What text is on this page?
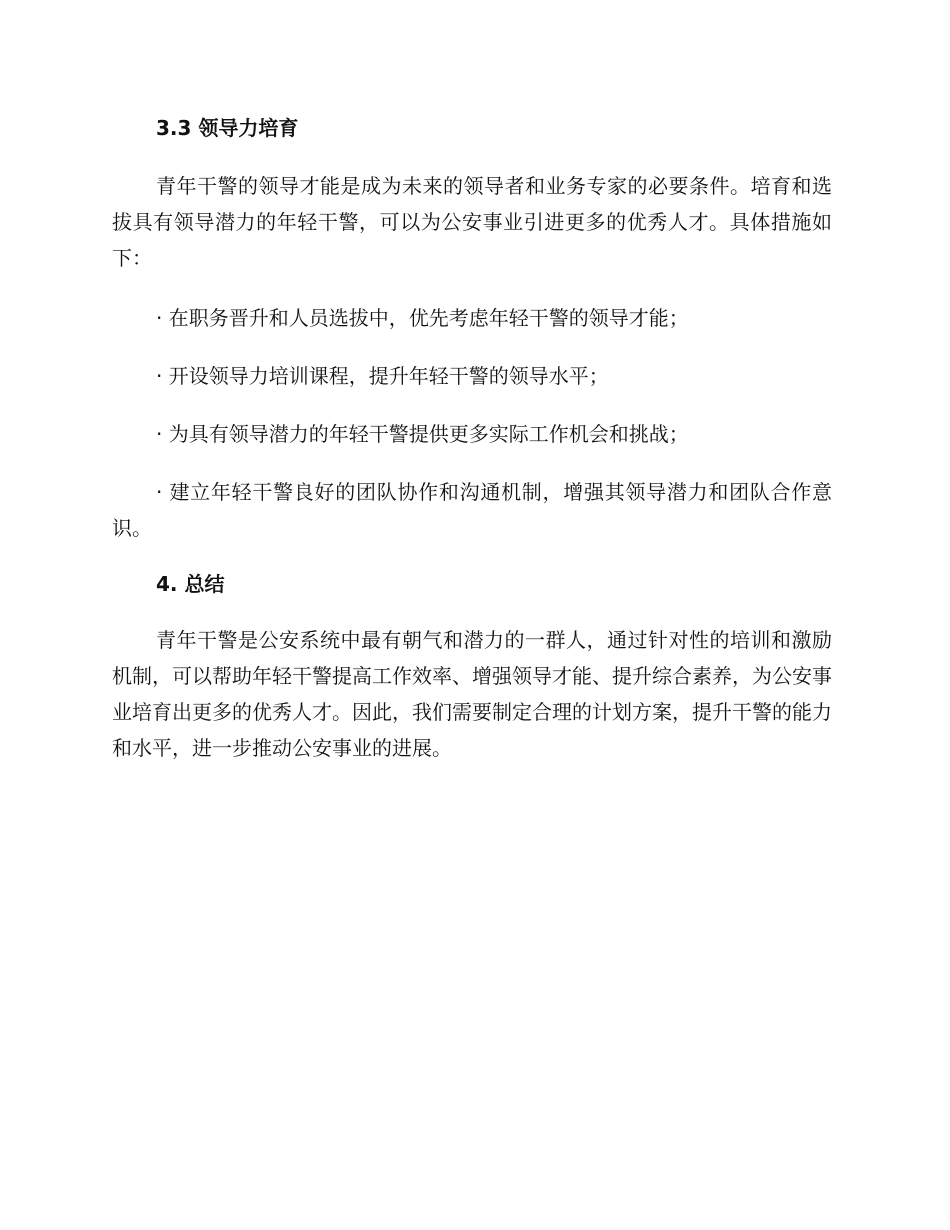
3.3 领导力培育

青年干警的领导才能是成为未来的领导者和业务专家的必要条件。培育和选拔具有领导潜力的年轻干警，可以为公安事业引进更多的优秀人才。具体措施如下：

· 在职务晋升和人员选拔中，优先考虑年轻干警的领导才能；

· 开设领导力培训课程，提升年轻干警的领导水平；

· 为具有领导潜力的年轻干警提供更多实际工作机会和挑战；

· 建立年轻干警良好的团队协作和沟通机制，增强其领导潜力和团队合作意识。

4. 总结

青年干警是公安系统中最有朝气和潜力的一群人，通过针对性的培训和激励机制，可以帮助年轻干警提高工作效率、增强领导才能、提升综合素养，为公安事业培育出更多的优秀人才。因此，我们需要制定合理的计划方案，提升干警的能力和水平，进一步推动公安事业的进展。
